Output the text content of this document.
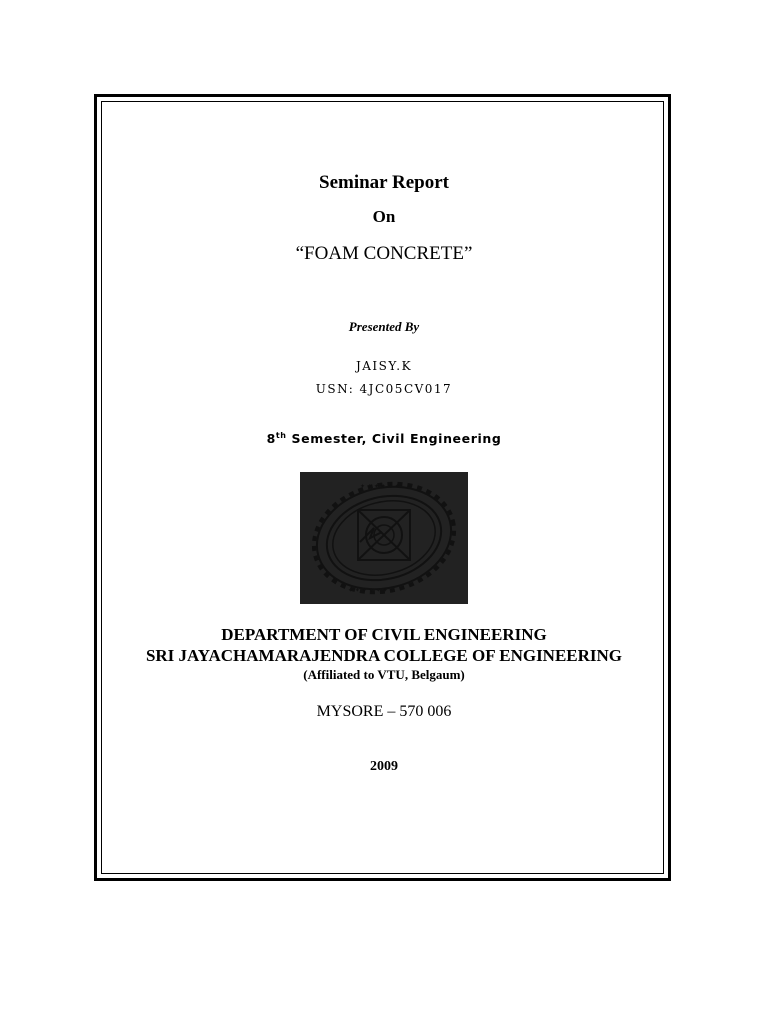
Seminar Report
On
“FOAM CONCRETE”
Presented By
JAISY.K
USN: 4JC05CV017
8th Semester, Civil Engineering
✦ ✦ ✦ ✦ ✦ ✦
✦ ✦ ✦ ✦ ✦ ✦ ✦
DEPARTMENT OF CIVIL ENGINEERING
SRI JAYACHAMARAJENDRA COLLEGE OF ENGINEERING
(Affiliated to VTU, Belgaum)
MYSORE – 570 006
2009
